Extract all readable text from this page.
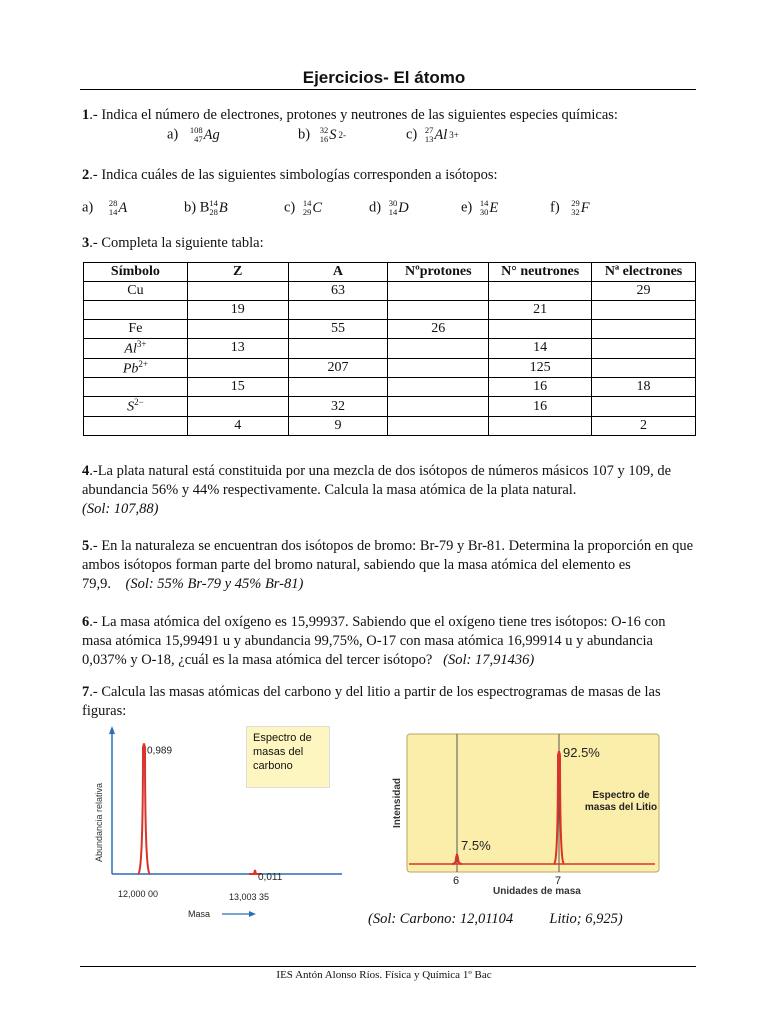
Ejercicios- El átomo
1.- Indica el número de electrones, protones y neutrones de las siguientes especies químicas:
a) 108
47 Ag	b) 32
16 S 2-	c) 27
13 Al 3+
2.- Indica cuáles de las siguientes simbologías corresponden a isótopos:
a) 28
14 A	b) B 14
28 B	c) 14
29 C	d) 30
14 D	e) 14
30 E	f) 29
32 F
3.- Completa la siguiente tabla:
Símbolo	Z	A	Nºprotones	N° neutrones	Nª electrones
Cu		63			29
	19			21	
Fe		55	26		
$Al^{3+}$	13			14	
$Pb^{2+}$		207		125	
	15			16	18
$S^{2-}$		32		16	
	4	9			2
4.-La plata natural está constituida por una mezcla de dos isótopos de números másicos 107 y 109, de abundancia 56% y 44% respectivamente. Calcula la masa atómica de la plata natural.
(Sol: 107,88)
5.- En la naturaleza se encuentran dos isótopos de bromo: Br-79 y Br-81. Determina la proporción en que ambos isótopos forman parte del bromo natural, sabiendo que la masa atómica del elemento es 79,9. (Sol: 55% Br-79 y 45% Br-81)
6.- La masa atómica del oxígeno es 15,99937. Sabiendo que el oxígeno tiene tres isótopos: O-16 con masa atómica 15,99491 u y abundancia 99,75%, O-17 con masa atómica 16,99914 u y abundancia 0,037% y O-18, ¿cuál es la masa atómica del tercer isótopo? (Sol: 17,91436)
7.- Calcula las masas atómicas del carbono y del litio a partir de los espectrogramas de masas de las figuras:
Abundancia relativa
0,989
0,011
12,000 00	13,003 35
Masa
Espectro de masas del carbono
Intensidad
7.5%
92.5%
6	7
Unidades de masa
Espectro de masas del Litio
(Sol: Carbono: 12,01104          Litio; 6,925)
IES Antón Alonso Ríos. Física y Química 1º Bac
